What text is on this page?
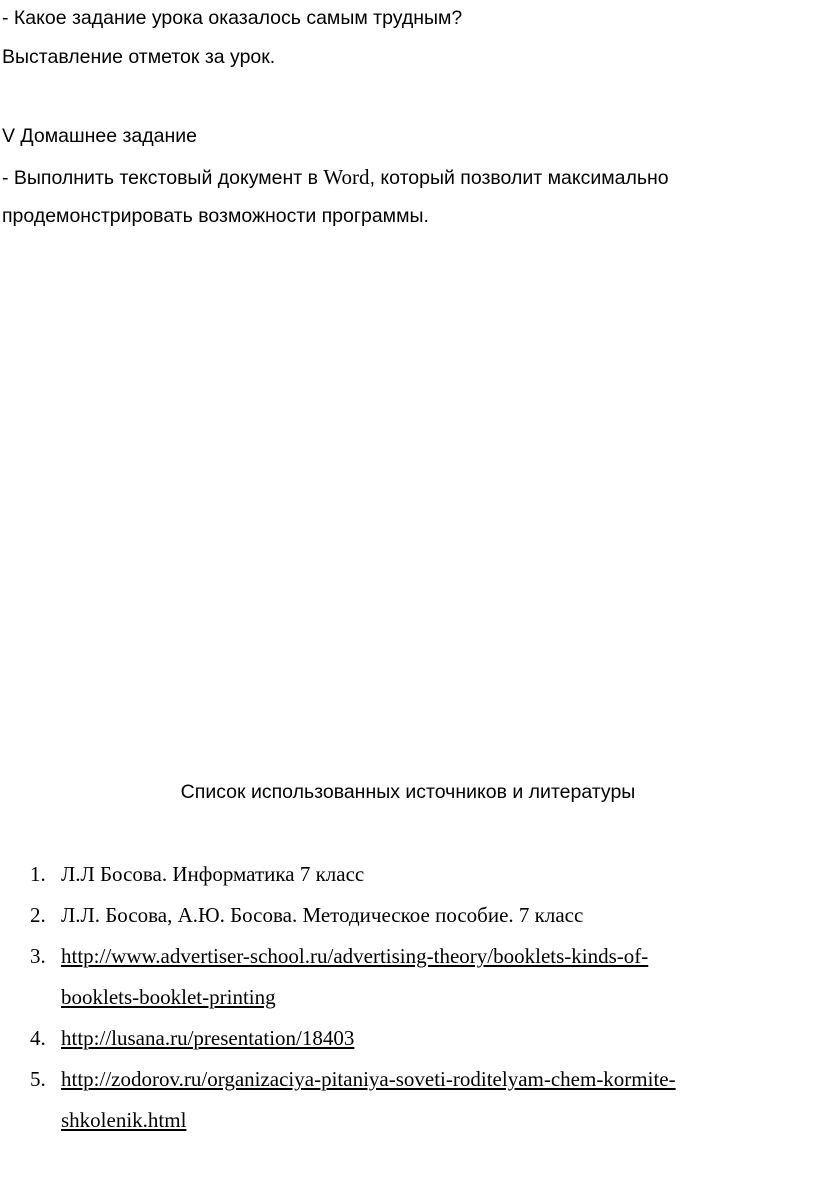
- Какое задание урока оказалось самым трудным?
Выставление отметок за урок.
V Домашнее задание
- Выполнить текстовый документ в Word, который позволит максимально
продемонстрировать возможности программы.
Список использованных источников и литературы
1. Л.Л Босова. Информатика 7 класс
2. Л.Л. Босова, А.Ю. Босова. Методическое пособие. 7 класс
3. http://www.advertiser-school.ru/advertising-theory/booklets-kinds-of-
booklets-booklet-printing
4. http://lusana.ru/presentation/18403
5. http://zodorov.ru/organizaciya-pitaniya-soveti-roditelyam-chem-kormite-
shkolenik.html
